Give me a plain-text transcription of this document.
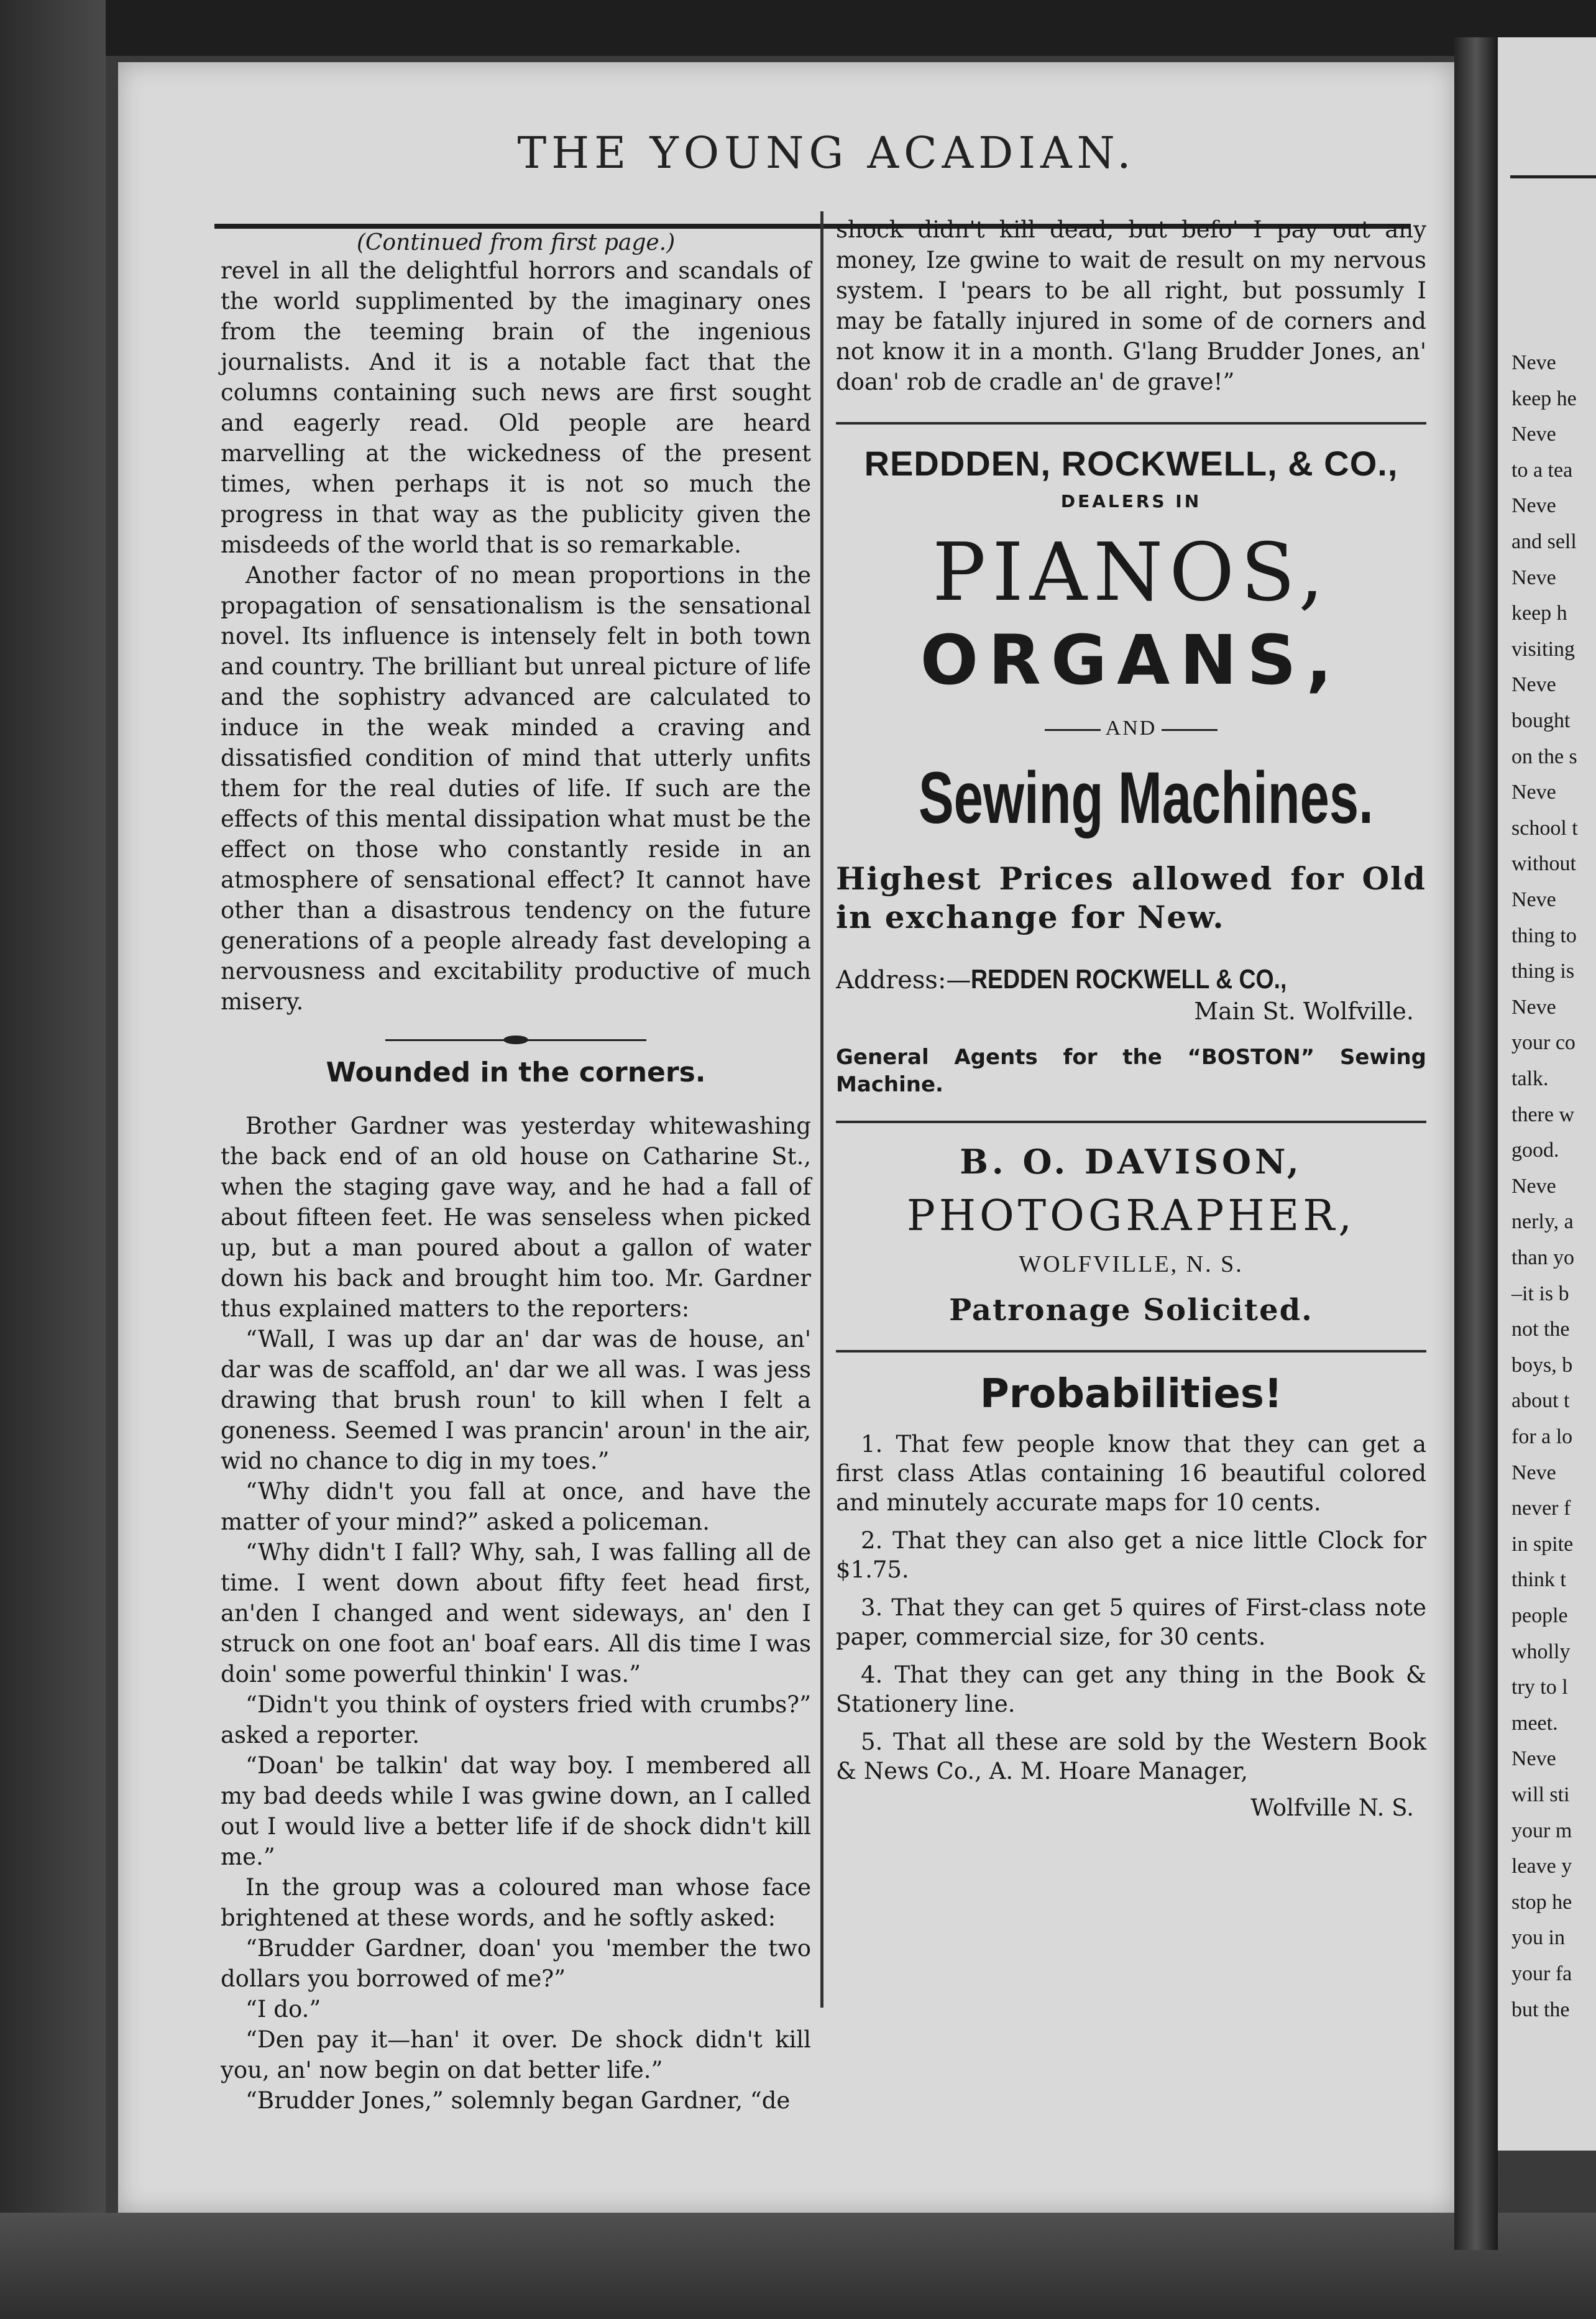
Neve
keep he
Neve
to a tea
Neve
and sell
Neve
keep h
visiting
Neve
bought
on the s
Neve
school t
without
Neve
thing to
thing is
Neve
your co
talk.
there w
good.
Neve
nerly, a
than yo
–it is b
not the
boys, b
about t
for a lo
Neve
never f
in spite
think t
people
wholly
try to l
meet.
Neve
will sti
your m
leave y
stop he
you in
your fa
but the
THE YOUNG ACADIAN.
(Continued from first page.)

revel in all the delightful horrors and scandals of the world supplimented by the imaginary ones from the teeming brain of the ingenious journalists. And it is a notable fact that the columns containing such news are first sought and eagerly read. Old people are heard marvelling at the wickedness of the present times, when perhaps it is not so much the progress in that way as the publicity given the misdeeds of the world that is so remarkable.

Another factor of no mean proportions in the propagation of sensationalism is the sensational novel. Its influence is intensely felt in both town and country. The brilliant but unreal picture of life and the sophistry advanced are calculated to induce in the weak minded a craving and dissatisfied condition of mind that utterly unfits them for the real duties of life. If such are the effects of this mental dissipation what must be the effect on those who constantly reside in an atmosphere of sensational effect? It cannot have other than a disastrous tendency on the future generations of a people already fast developing a nervousness and excitability productive of much misery.

Wounded in the corners.

Brother Gardner was yesterday whitewashing the back end of an old house on Catharine St., when the staging gave way, and he had a fall of about fifteen feet. He was senseless when picked up, but a man poured about a gallon of water down his back and brought him too. Mr. Gardner thus explained matters to the reporters:

“Wall, I was up dar an' dar was de house, an' dar was de scaffold, an' dar we all was. I was jess drawing that brush roun' to kill when I felt a goneness. Seemed I was prancin' aroun' in the air, wid no chance to dig in my toes.”

“Why didn't you fall at once, and have the matter of your mind?” asked a policeman.

“Why didn't I fall? Why, sah, I was falling all de time. I went down about fifty feet head first, an'den I changed and went sideways, an' den I struck on one foot an' boaf ears. All dis time I was doin' some powerful thinkin' I was.”

“Didn't you think of oysters fried with crumbs?” asked a reporter.

“Doan' be talkin' dat way boy. I membered all my bad deeds while I was gwine down, an I called out I would live a better life if de shock didn't kill me.”

In the group was a coloured man whose face brightened at these words, and he softly asked:

“Brudder Gardner, doan' you 'member the two dollars you borrowed of me?”

“I do.”

“Den pay it—han' it over. De shock didn't kill you, an' now begin on dat better life.”

“Brudder Jones,” solemnly began Gardner, “de

shock didn't kill dead, but befo' I pay out any money, Ize gwine to wait de result on my nervous system. I 'pears to be all right, but possumly I may be fatally injured in some of de corners and not know it in a month. G'lang Brudder Jones, an' doan' rob de cradle an' de grave!”

REDDDEN, ROCKWELL, & CO.,
DEALERS IN
PIANOS,
ORGANS,
AND
Sewing Machines.
Highest Prices allowed for Old in exchange for New.
Address:—REDDEN ROCKWELL & CO.,
Main St. Wolfville.
General Agents for the “BOSTON” Sewing Machine.
B. O. DAVISON,
PHOTOGRAPHER,
WOLFVILLE, N. S.
Patronage Solicited.
Probabilities!
1. That few people know that they can get a first class Atlas containing 16 beautiful colored and minutely accurate maps for 10 cents.
2. That they can also get a nice little Clock for $1.75.
3. That they can get 5 quires of First-class note paper, commercial size, for 30 cents.
4. That they can get any thing in the Book & Stationery line.
5. That all these are sold by the Western Book & News Co., A. M. Hoare Manager,
Wolfville N. S.
